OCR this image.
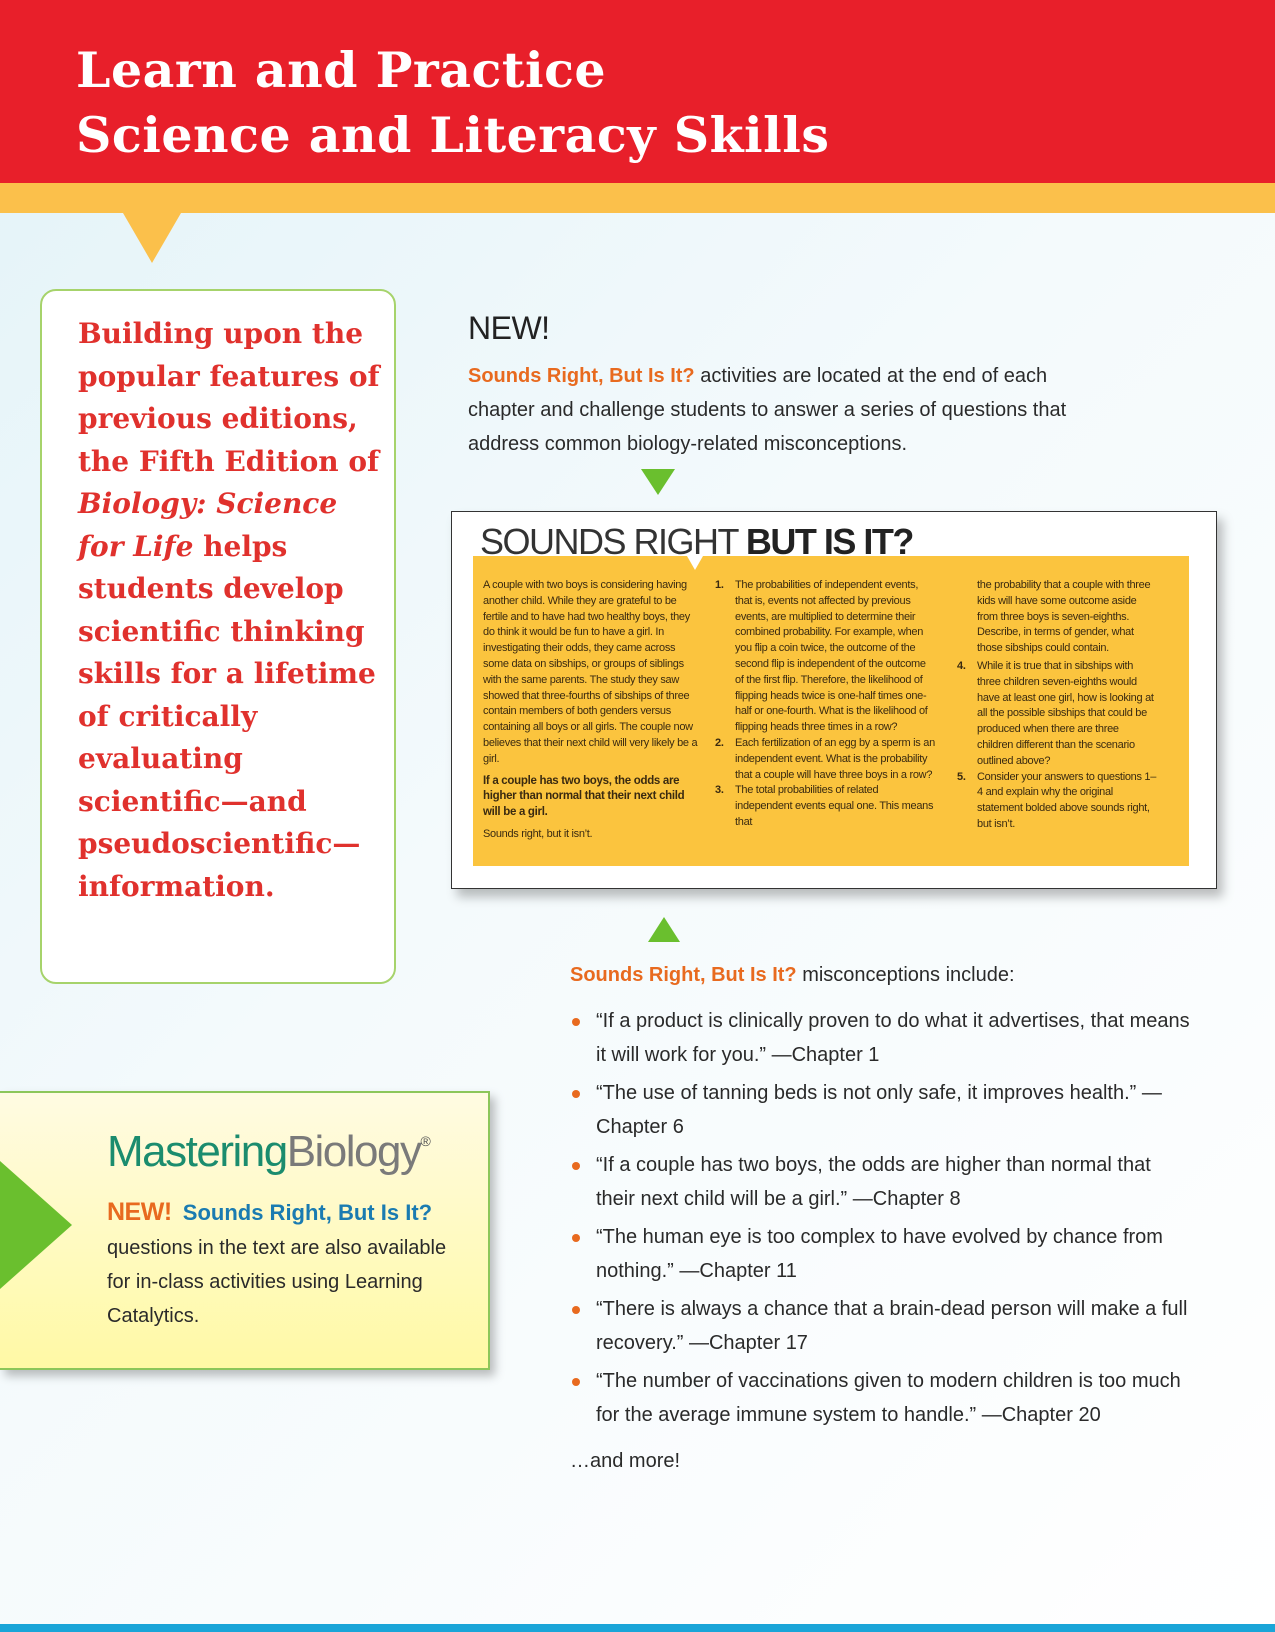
Learn and Practice
Science and Literacy Skills
Building upon the popular features of previous editions, the Fifth Edition of Biology: Science for Life helps students develop scientific thinking skills for a lifetime of critically evaluating scientific—and pseudoscientific—information.
NEW!

Sounds Right, But Is It? activities are located at the end of each chapter and challenge students to answer a series of questions that address common biology-related misconceptions.

A couple with two boys is considering having another child. While they are grateful to be fertile and to have had two healthy boys, they do think it would be fun to have a girl. In investigating their odds, they came across some data on sibships, or groups of siblings with the same parents. The study they saw showed that three-fourths of sibships of three contain members of both genders versus containing all boys or all girls. The couple now believes that their next child will very likely be a girl.

If a couple has two boys, the odds are higher than normal that their next child will be a girl.

Sounds right, but it isn’t.

1. The probabilities of independent events, that is, events not affected by previous events, are multiplied to determine their combined probability. For example, when you flip a coin twice, the outcome of the second flip is independent of the outcome of the first flip. Therefore, the likelihood of flipping heads twice is one-half times one-half or one-fourth. What is the likelihood of flipping heads three times in a row?
2. Each fertilization of an egg by a sperm is an independent event. What is the probability that a couple will have three boys in a row?
3. The total probabilities of related independent events equal one. This means that

the probability that a couple with three kids will have some outcome aside from three boys is seven-eighths. Describe, in terms of gender, what those sibships could contain.

4. While it is true that in sibships with three children seven-eighths would have at least one girl, how is looking at all the possible sibships that could be produced when there are three children different than the scenario outlined above?
5. Consider your answers to questions 1–4 and explain why the original statement bolded above sounds right, but isn’t.
SOUNDS RIGHT BUT IS IT?

Sounds Right, But Is It? misconceptions include:

“If a product is clinically proven to do what it advertises, that means it will work for you.” —Chapter 1
“The use of tanning beds is not only safe, it improves health.” —Chapter 6
“If a couple has two boys, the odds are higher than normal that their next child will be a girl.” —Chapter 8
“The human eye is too complex to have evolved by chance from nothing.” —Chapter 11
“There is always a chance that a brain-dead person will make a full recovery.” —Chapter 17
“The number of vaccinations given to modern children is too much for the average immune system to handle.” —Chapter 20

…and more!

MasteringBiology®

NEW! Sounds Right, But Is It? questions in the text are also available for in-class activities using Learning Catalytics.
